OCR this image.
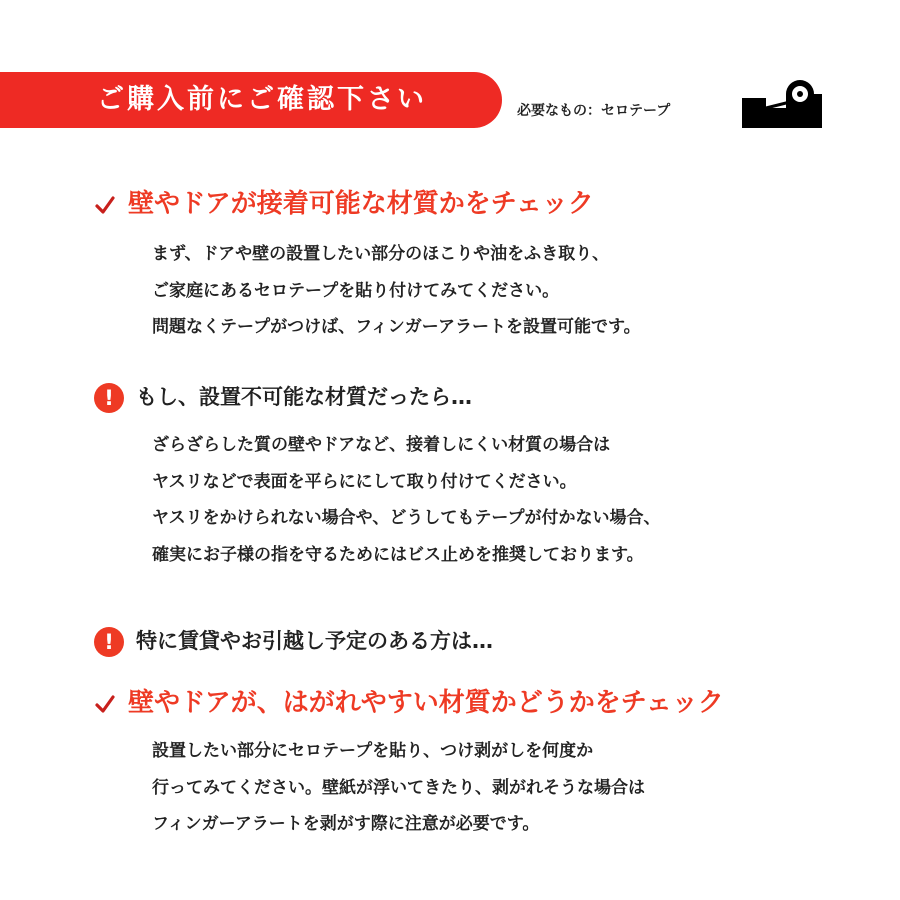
ご購入前にご確認下さい	必要なもの：セロテープ
壁やドアが接着可能な材質かをチェック
まず、ドアや壁の設置したい部分のほこりや油をふき取り、
ご家庭にあるセロテープを貼り付けてみてください。
問題なくテープがつけば、フィンガーアラートを設置可能です。
! もし、設置不可能な材質だったら…
ざらざらした質の壁やドアなど、接着しにくい材質の場合は
ヤスリなどで表面を平らににして取り付けてください。
ヤスリをかけられない場合や、どうしてもテープが付かない場合、
確実にお子様の指を守るためにはビス止めを推奨しております。
! 特に賃貸やお引越し予定のある方は…
壁やドアが、はがれやすい材質かどうかをチェック
設置したい部分にセロテープを貼り、つけ剥がしを何度か
行ってみてください。壁紙が浮いてきたり、剥がれそうな場合は
フィンガーアラートを剥がす際に注意が必要です。
